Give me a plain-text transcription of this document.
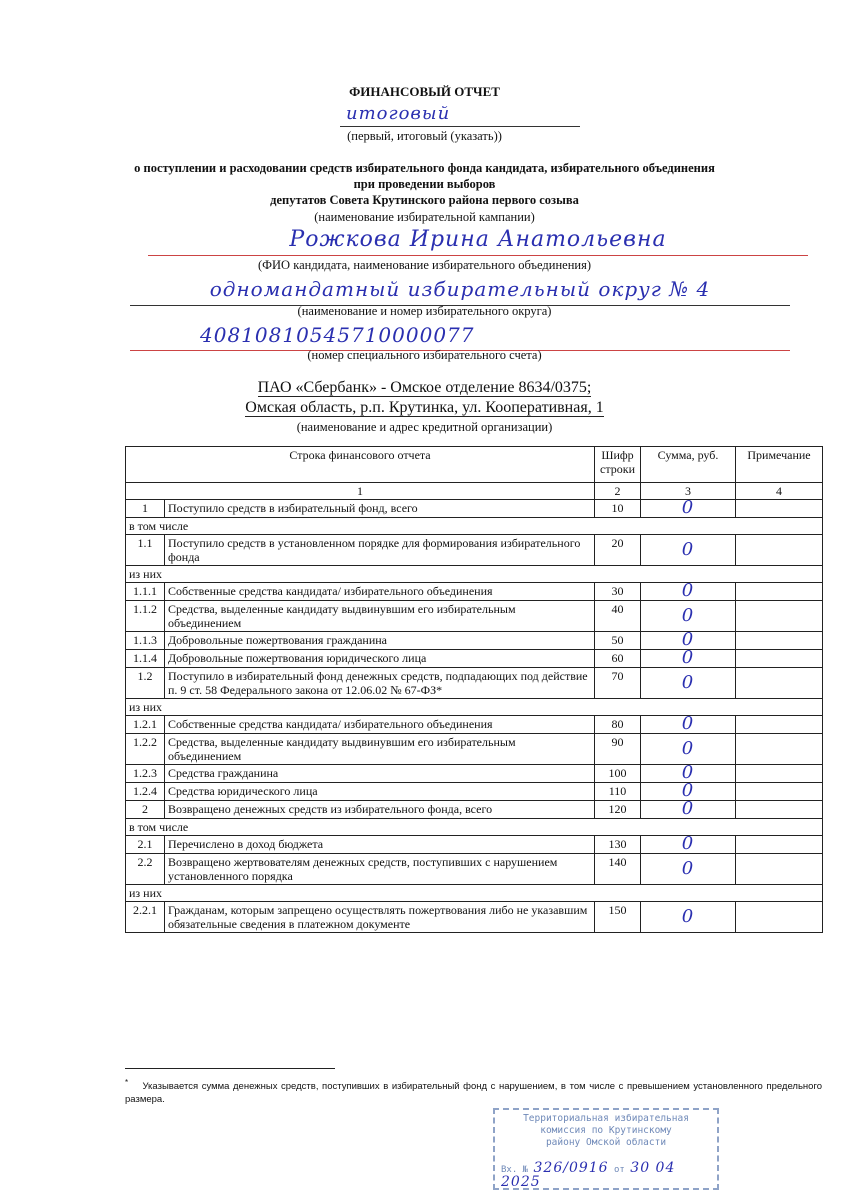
ФИНАНСОВЫЙ ОТЧЕТ
итоговый
(первый, итоговый (указать))
о поступлении и расходовании средств избирательного фонда кандидата, избирательного объединения
при проведении выборов
депутатов Совета Крутинского района первого созыва
(наименование избирательной кампании)
Рожкова Ирина Анатольевна
(ФИО кандидата, наименование избирательного объединения)
одномандатный избирательный округ № 4
(наименование и номер избирательного округа)
40810810545710000077
(номер специального избирательного счета)
ПАО «Сбербанк» - Омское отделение 8634/0375;
Омская область, р.п. Крутинка, ул. Кооперативная, 1
(наименование и адрес кредитной организации)
Строка финансового отчета		Шифр строки	Сумма, руб.	Примечание
1		2	3	4
1	Поступило средств в избирательный фонд, всего	10	0	
в том числе				
1.1	Поступило средств в установленном порядке для формирования избирательного фонда	20	0	
из них				
1.1.1	Собственные средства кандидата/ избирательного объединения	30	0	
1.1.2	Средства, выделенные кандидату выдвинувшим его избирательным объединением	40	0	
1.1.3	Добровольные пожертвования гражданина	50	0	
1.1.4	Добровольные пожертвования юридического лица	60	0	
1.2	Поступило в избирательный фонд денежных средств, подпадающих под действие п. 9 ст. 58 Федерального закона от 12.06.02 № 67-ФЗ*	70	0	
из них				
1.2.1	Собственные средства кандидата/ избирательного объединения	80	0	
1.2.2	Средства, выделенные кандидату выдвинувшим его избирательным объединением	90	0	
1.2.3	Средства гражданина	100	0	
1.2.4	Средства юридического лица	110	0	
2	Возвращено денежных средств из избирательного фонда, всего	120	0	
в том числе				
2.1	Перечислено в доход бюджета	130	0	
2.2	Возвращено жертвователям денежных средств, поступивших с нарушением установленного порядка	140	0	
из них				
2.2.1	Гражданам, которым запрещено осуществлять пожертвования либо не указавшим обязательные сведения в платежном документе	150	0	
* Указывается сумма денежных средств, поступивших в избирательный фонд с нарушением, в том числе с превышением установленного предельного размера.
Территориальная избирательная
комиссия по Крутинскому
району Омской области
Вх. № 326/0916 от 30 04 2025
